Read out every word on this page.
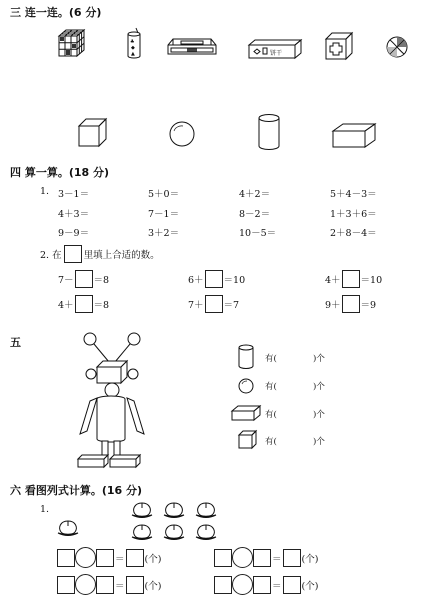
三 连一连。(6 分)
♣
◆
▲	饼干
四 算一算。(18 分)
1. 3－1＝	5＋0＝	4＋2＝	5＋4－3＝
4＋3＝	7－1＝	8－2＝	1＋3＋6＝
9－9＝	3＋2＝	10－5＝	2＋8－4＝
2. 在 里填上合适的数。
7－ ＝8	6＋ ＝10	4＋ ＝10
4＋ ＝8	7＋ ＝7	9＋ ＝9
五
有(	)个
有(	)个
有(	)个
有(	)个
六 看图列式计算。(16 分)
1.
＝ (个)	＝ (个)
＝ (个)	＝ (个)
